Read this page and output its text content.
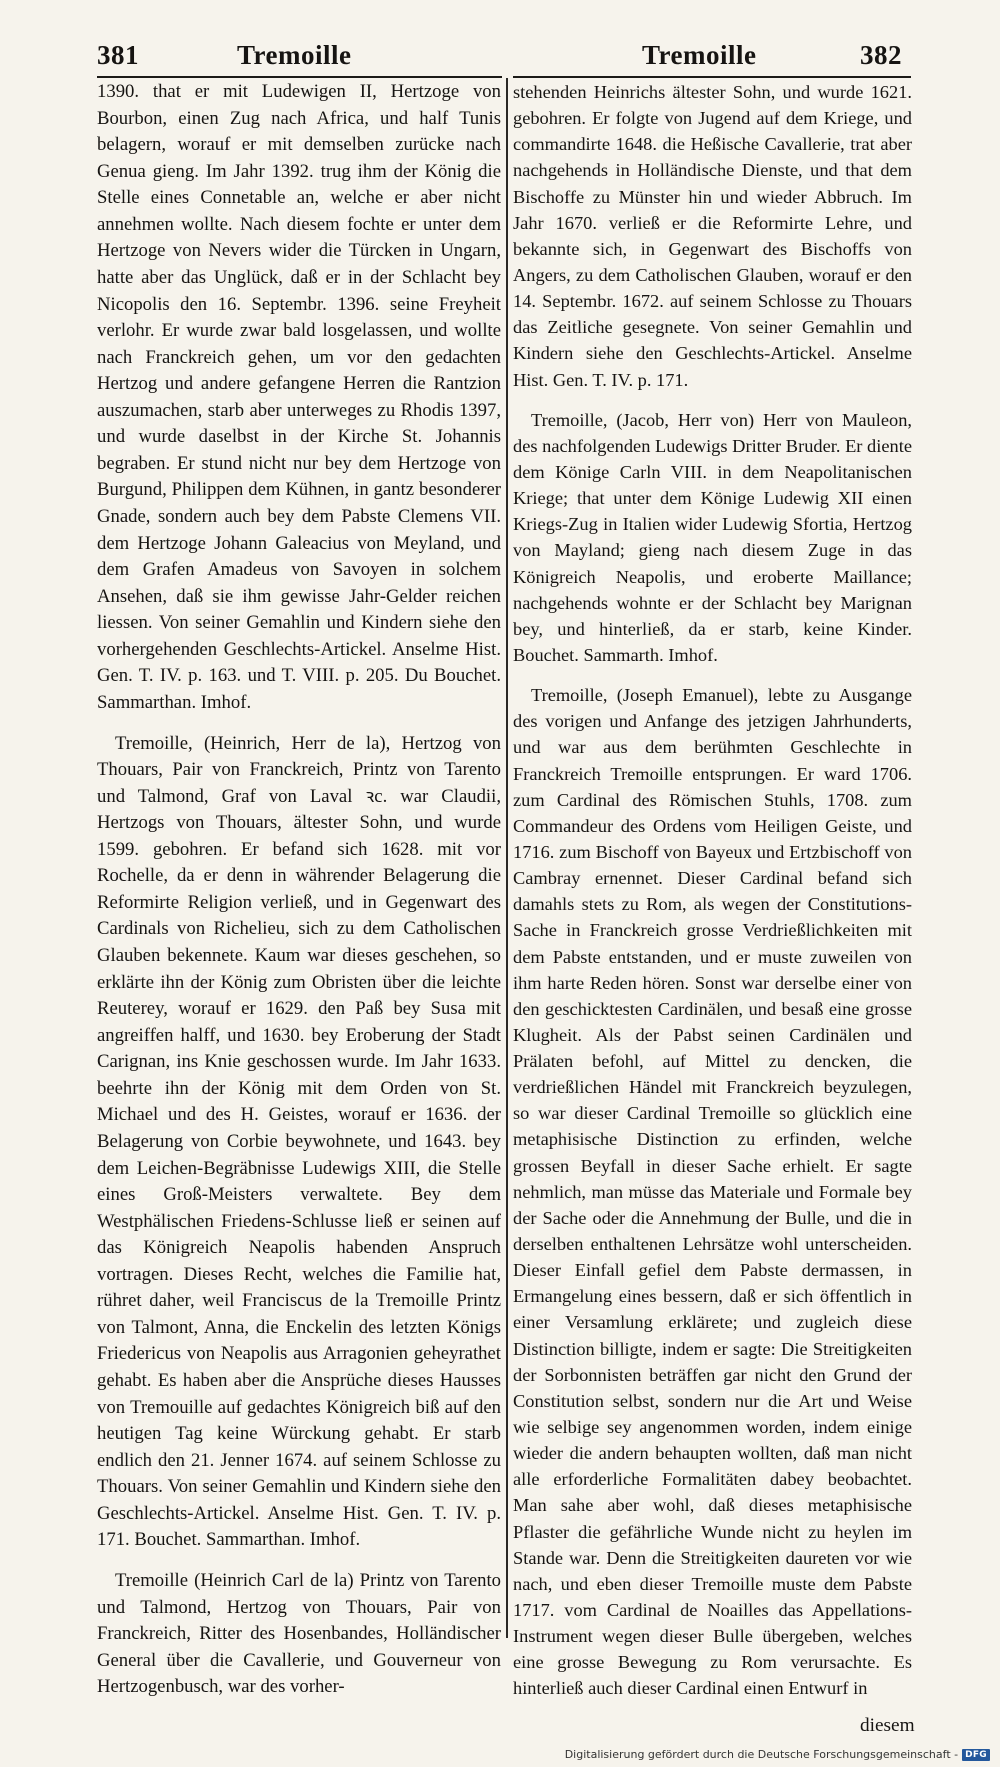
381	Tremoille	Tremoille	382

1390. that er mit Ludewigen II, Hertzoge von Bourbon, einen Zug nach Africa, und half Tunis belagern, worauf er mit demselben zurücke nach Genua gieng. Im Jahr 1392. trug ihm der König die Stelle eines Connetable an, welche er aber nicht annehmen wollte. Nach diesem fochte er unter dem Hertzoge von Nevers wider die Türcken in Ungarn, hatte aber das Unglück, daß er in der Schlacht bey Nicopolis den 16. Septembr. 1396. seine Freyheit verlohr. Er wurde zwar bald losgelassen, und wollte nach Franckreich gehen, um vor den gedachten Hertzog und andere gefangene Herren die Rantzion auszumachen, starb aber unterweges zu Rhodis 1397, und wurde daselbst in der Kirche St. Johannis begraben. Er stund nicht nur bey dem Hertzoge von Burgund, Philippen dem Kühnen, in gantz besonderer Gnade, sondern auch bey dem Pabste Clemens VII. dem Hertzoge Johann Galeacius von Meyland, und dem Grafen Amadeus von Savoyen in solchem Ansehen, daß sie ihm gewisse Jahr-Gelder reichen liessen. Von seiner Gemahlin und Kindern siehe den vorhergehenden Geschlechts-Artickel. Anselme Hist. Gen. T. IV. p. 163. und T. VIII. p. 205. Du Bouchet. Sammarthan. Imhof.

Tremoille, (Heinrich, Herr de la), Hertzog von Thouars, Pair von Franckreich, Printz von Tarento und Talmond, Graf von Laval ꝛc. war Claudii, Hertzogs von Thouars, ältester Sohn, und wurde 1599. gebohren. Er befand sich 1628. mit vor Rochelle, da er denn in währender Belagerung die Reformirte Religion verließ, und in Gegenwart des Cardinals von Richelieu, sich zu dem Catholischen Glauben bekennete. Kaum war dieses geschehen, so erklärte ihn der König zum Obristen über die leichte Reuterey, worauf er 1629. den Paß bey Susa mit angreiffen halff, und 1630. bey Eroberung der Stadt Carignan, ins Knie geschossen wurde. Im Jahr 1633. beehrte ihn der König mit dem Orden von St. Michael und des H. Geistes, worauf er 1636. der Belagerung von Corbie beywohnete, und 1643. bey dem Leichen-Begräbnisse Ludewigs XIII, die Stelle eines Groß-Meisters verwaltete. Bey dem Westphälischen Friedens-Schlusse ließ er seinen auf das Königreich Neapolis habenden Anspruch vortragen. Dieses Recht, welches die Familie hat, rühret daher, weil Franciscus de la Tremoille Printz von Talmont, Anna, die Enckelin des letzten Königs Friedericus von Neapolis aus Arragonien geheyrathet gehabt. Es haben aber die Ansprüche dieses Hausses von Tremouille auf gedachtes Königreich biß auf den heutigen Tag keine Würckung gehabt. Er starb endlich den 21. Jenner 1674. auf seinem Schlosse zu Thouars. Von seiner Gemahlin und Kindern siehe den Geschlechts-Artickel. Anselme Hist. Gen. T. IV. p. 171. Bouchet. Sammarthan. Imhof.

Tremoille (Heinrich Carl de la) Printz von Tarento und Talmond, Hertzog von Thouars, Pair von Franckreich, Ritter des Hosenbandes, Holländischer General über die Cavallerie, und Gouverneur von Hertzogenbusch, war des vorher-

stehenden Heinrichs ältester Sohn, und wurde 1621. gebohren. Er folgte von Jugend auf dem Kriege, und commandirte 1648. die Heßische Cavallerie, trat aber nachgehends in Holländische Dienste, und that dem Bischoffe zu Münster hin und wieder Abbruch. Im Jahr 1670. verließ er die Reformirte Lehre, und bekannte sich, in Gegenwart des Bischoffs von Angers, zu dem Catholischen Glauben, worauf er den 14. Septembr. 1672. auf seinem Schlosse zu Thouars das Zeitliche gesegnete. Von seiner Gemahlin und Kindern siehe den Geschlechts-Artickel. Anselme Hist. Gen. T. IV. p. 171.

Tremoille, (Jacob, Herr von) Herr von Mauleon, des nachfolgenden Ludewigs Dritter Bruder. Er diente dem Könige Carln VIII. in dem Neapolitanischen Kriege; that unter dem Könige Ludewig XII einen Kriegs-Zug in Italien wider Ludewig Sfortia, Hertzog von Mayland; gieng nach diesem Zuge in das Königreich Neapolis, und eroberte Maillance; nachgehends wohnte er der Schlacht bey Marignan bey, und hinterließ, da er starb, keine Kinder. Bouchet. Sammarth. Imhof.

Tremoille, (Joseph Emanuel), lebte zu Ausgange des vorigen und Anfange des jetzigen Jahrhunderts, und war aus dem berühmten Geschlechte in Franckreich Tremoille entsprungen. Er ward 1706. zum Cardinal des Römischen Stuhls, 1708. zum Commandeur des Ordens vom Heiligen Geiste, und 1716. zum Bischoff von Bayeux und Ertzbischoff von Cambray ernennet. Dieser Cardinal befand sich damahls stets zu Rom, als wegen der Constitutions-Sache in Franckreich grosse Verdrießlichkeiten mit dem Pabste entstanden, und er muste zuweilen von ihm harte Reden hören. Sonst war derselbe einer von den geschicktesten Cardinälen, und besaß eine grosse Klugheit. Als der Pabst seinen Cardinälen und Prälaten befohl, auf Mittel zu dencken, die verdrießlichen Händel mit Franckreich beyzulegen, so war dieser Cardinal Tremoille so glücklich eine metaphisische Distinction zu erfinden, welche grossen Beyfall in dieser Sache erhielt. Er sagte nehmlich, man müsse das Materiale und Formale bey der Sache oder die Annehmung der Bulle, und die in derselben enthaltenen Lehrsätze wohl unterscheiden. Dieser Einfall gefiel dem Pabste dermassen, in Ermangelung eines bessern, daß er sich öffentlich in einer Versamlung erklärete; und zugleich diese Distinction billigte, indem er sagte: Die Streitigkeiten der Sorbonnisten beträffen gar nicht den Grund der Constitution selbst, sondern nur die Art und Weise wie selbige sey angenommen worden, indem einige wieder die andern behaupten wollten, daß man nicht alle erforderliche Formalitäten dabey beobachtet. Man sahe aber wohl, daß dieses metaphisische Pflaster die gefährliche Wunde nicht zu heylen im Stande war. Denn die Streitigkeiten daureten vor wie nach, und eben dieser Tremoille muste dem Pabste 1717. vom Cardinal de Noailles das Appellations-Instrument wegen dieser Bulle übergeben, welches eine grosse Bewegung zu Rom verursachte. Es hinterließ auch dieser Cardinal einen Entwurf in

diesem
Digitalisierung gefördert durch die Deutsche Forschungsgemeinschaft - DFG
